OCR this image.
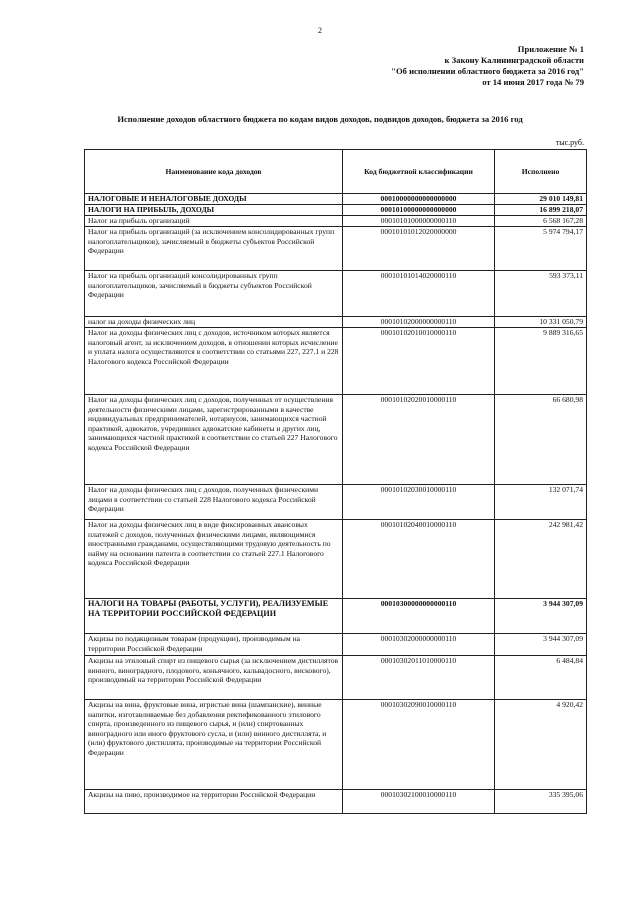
2
Приложение № 1
к Закону Калининградской области
"Об исполнении областного бюджета за 2016 год"
от 14 июня 2017 года № 79
Исполнение доходов областного бюджета по кодам видов доходов, подвидов доходов, бюджета за 2016 год
тыс.руб.
Наименование кода доходов	Код бюджетной классификации	Исполнено
НАЛОГОВЫЕ И НЕНАЛОГОВЫЕ ДОХОДЫ	00010000000000000000	29 010 149,81
НАЛОГИ НА ПРИБЫЛЬ, ДОХОДЫ	00010100000000000000	16 899 218,07
Налог на прибыль организаций	00010101000000000110	6 568 167,28
Налог на прибыль организаций (за исключением консолидированных групп налогоплательщиков), зачисляемый в бюджеты субъектов Российской Федерации	00010101012020000000	5 974 794,17
Налог на прибыль организаций консолидированных групп налогоплательщиков, зачисляемый в бюджеты субъектов Российской Федерации	00010101014020000110	593 373,11
налог на доходы физических лиц	00010102000000000110	10 331 050,79
Налог на доходы физических лиц с доходов, источником которых является налоговый агент, за исключением доходов, в отношении которых исчисление и уплата налога осуществляются в соответствии со статьями 227, 227.1 и 228 Налогового кодекса Российской Федерации	00010102010010000110	9 889 316,65
Налог на доходы физических лиц с доходов, полученных от осуществления деятельности физическими лицами, зарегистрированными в качестве индивидуальных предпринимателей, нотариусов, занимающихся частной практикой, адвокатов, учредивших адвокатские кабинеты и других лиц, занимающихся частной практикой в соответствии со статьей 227 Налогового кодекса Российской Федерации	00010102020010000110	66 680,98
Налог на доходы физических лиц с доходов, полученных физическими лицами в соответствии со статьей 228 Налогового кодекса Российской Федерации	00010102030010000110	132 071,74
Налог на доходы физических лиц в виде фиксированных авансовых платежей с доходов, полученных физическими лицами, являющимися иностранными гражданами, осуществляющими трудовую деятельность по найму на основании патента в соответствии со статьей 227.1 Налогового кодекса Российской Федерации	00010102040010000110	242 981,42
НАЛОГИ НА ТОВАРЫ (РАБОТЫ, УСЛУГИ), РЕАЛИЗУЕМЫЕ НА ТЕРРИТОРИИ РОССИЙСКОЙ ФЕДЕРАЦИИ	00010300000000000110	3 944 307,09
Акцизы по подакцизным товарам (продукции), производимым на территории Российской Федерации	00010302000000000110	3 944 307,09
Акцизы на этиловый спирт из пищевого сырья (за исключением дистиллятов винного, виноградного, плодового, коньячного, кальвадосного, вискового), производимый на территории Российской Федерации	00010302011010000110	6 484,84
Акцизы на вина, фруктовые вина, игристые вина (шампанские), винные напитки, изготавливаемые без добавления ректификованного этилового спирта, произведенного из пищевого сырья, и (или) спиртованных виноградного или иного фруктового сусла, и (или) винного дистиллята, и (или) фруктового дистиллята, производимые на территории Российской Федерации	00010302090010000110	4 920,42
Акцизы на пиво, производимое на территории Российской Федерации	00010302100010000110	335 395,06
